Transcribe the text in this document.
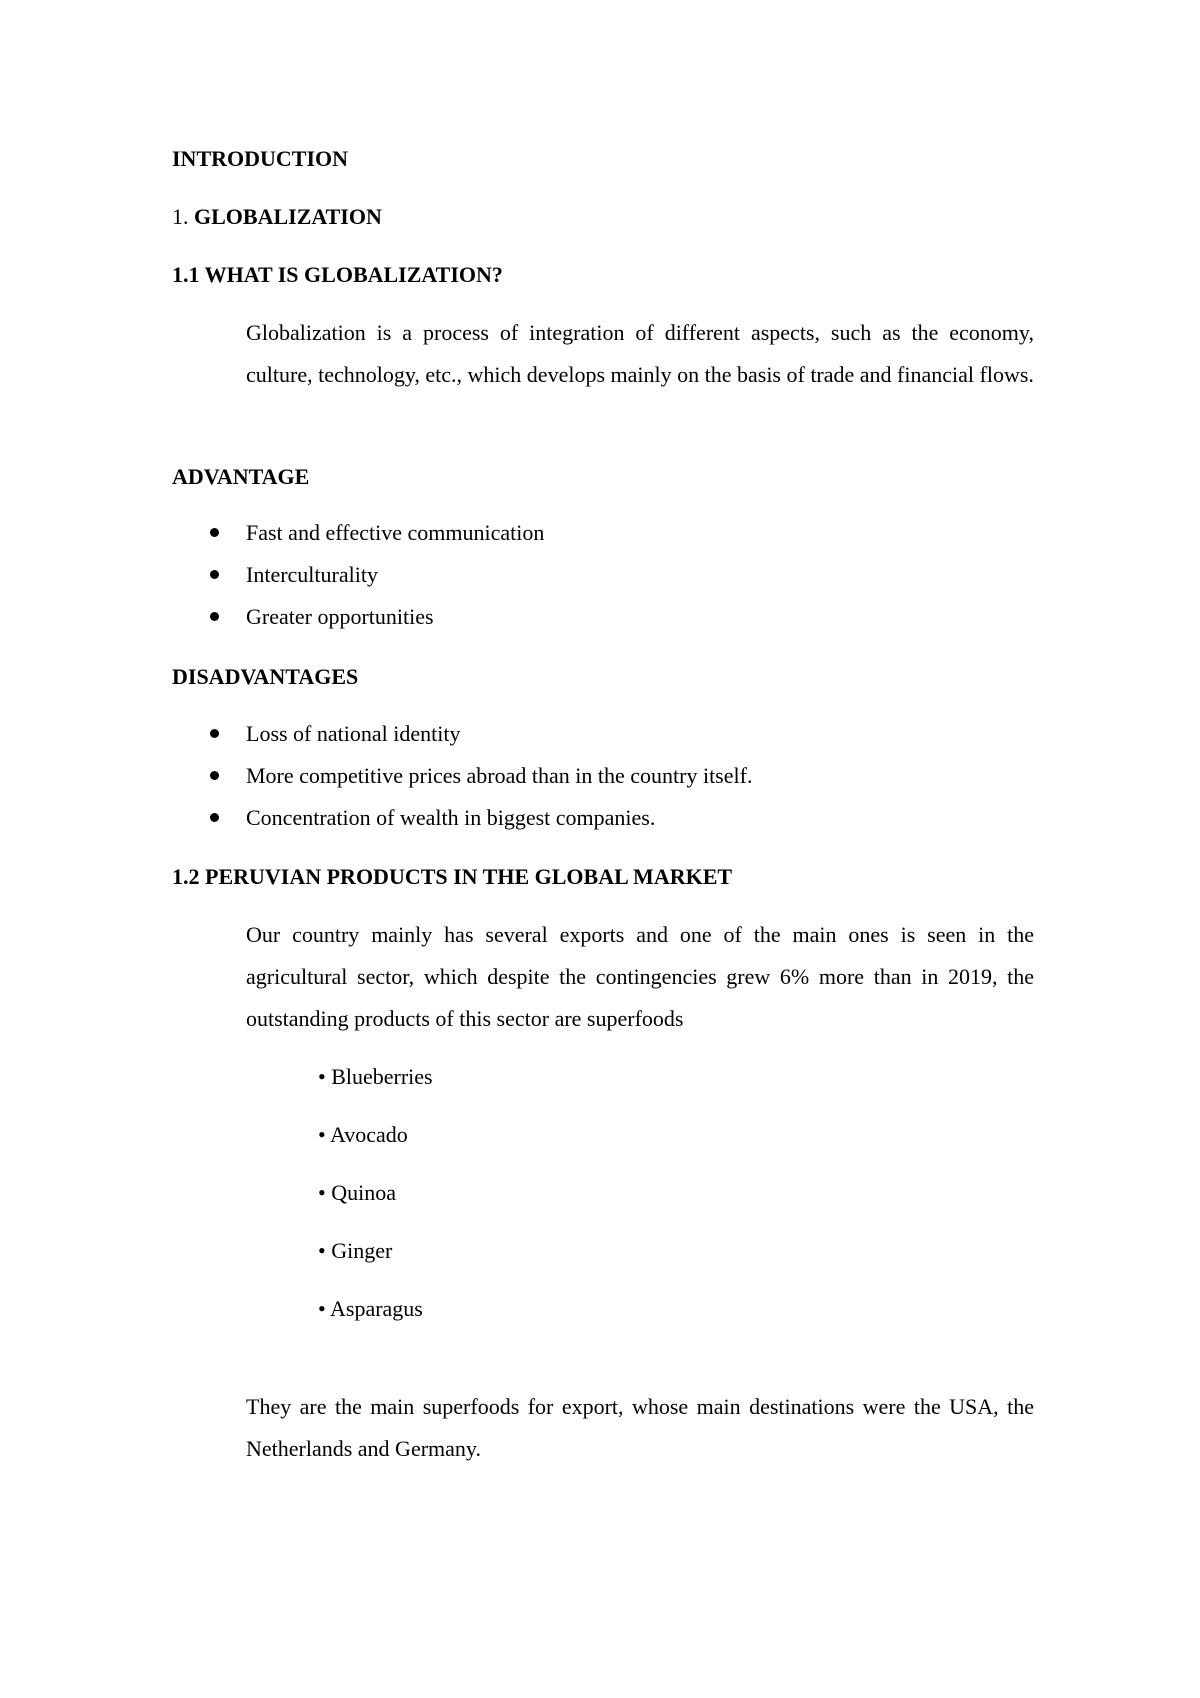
INTRODUCTION
1. GLOBALIZATION
1.1 WHAT IS GLOBALIZATION?
Globalization is a process of integration of different aspects, such as the economy, culture, technology, etc., which develops mainly on the basis of trade and financial flows.
ADVANTAGE
Fast and effective communication
Interculturality
Greater opportunities
DISADVANTAGES
Loss of national identity
More competitive prices abroad than in the country itself.
Concentration of wealth in biggest companies.
1.2 PERUVIAN PRODUCTS IN THE GLOBAL MARKET
Our country mainly has several exports and one of the main ones is seen in the agricultural sector, which despite the contingencies grew 6% more than in 2019, the outstanding products of this sector are superfoods
• Blueberries
• Avocado
• Quinoa
• Ginger
• Asparagus
They are the main superfoods for export, whose main destinations were the USA, the Netherlands and Germany.
